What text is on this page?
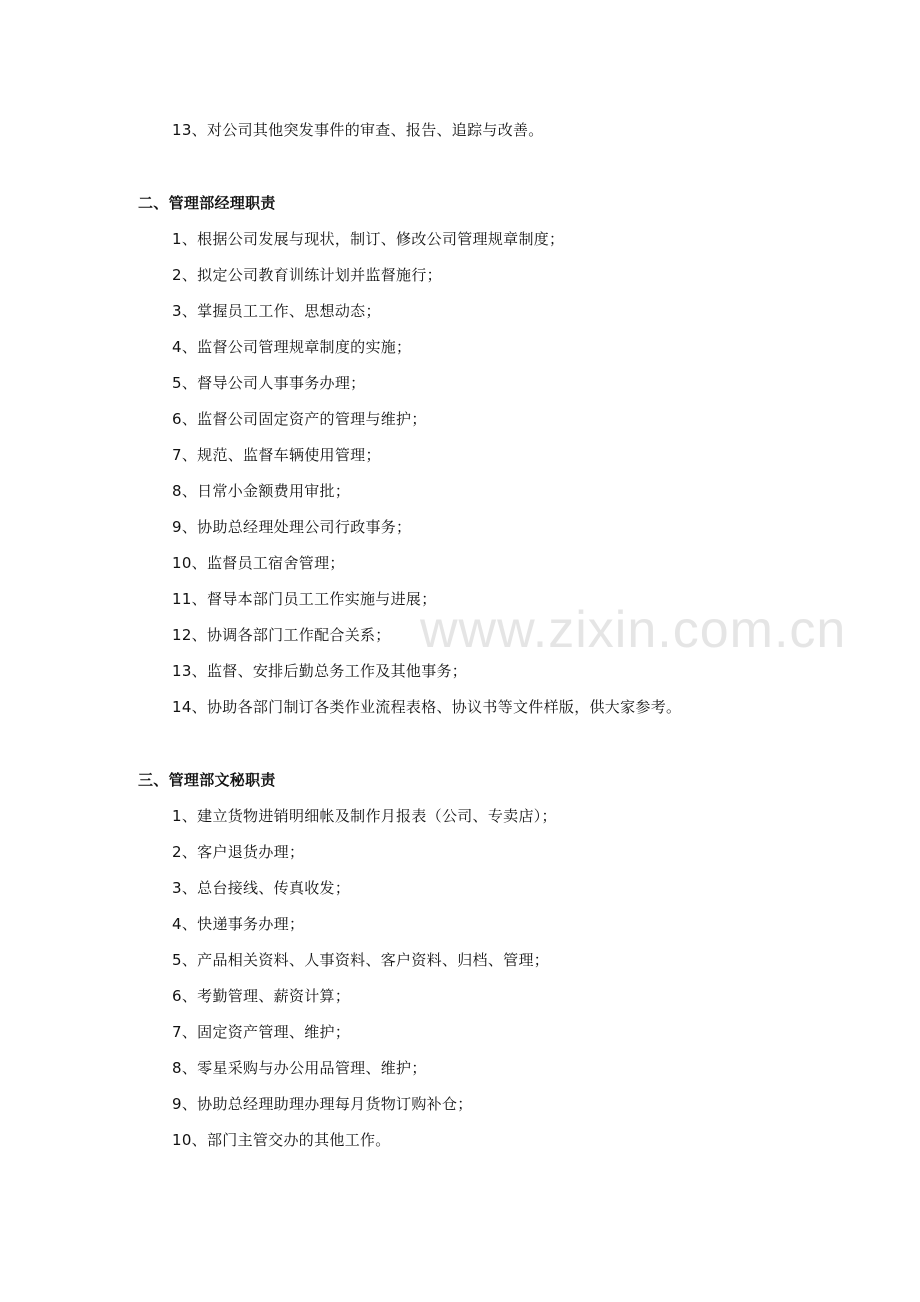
13、对公司其他突发事件的审查、报告、追踪与改善。
二、管理部经理职责
1、根据公司发展与现状，制订、修改公司管理规章制度；
2、拟定公司教育训练计划并监督施行；
3、掌握员工工作、思想动态；
4、监督公司管理规章制度的实施；
5、督导公司人事事务办理；
6、监督公司固定资产的管理与维护；
7、规范、监督车辆使用管理；
8、日常小金额费用审批；
9、协助总经理处理公司行政事务；
10、监督员工宿舍管理；
11、督导本部门员工工作实施与进展；
12、协调各部门工作配合关系；
13、监督、安排后勤总务工作及其他事务；
14、协助各部门制订各类作业流程表格、协议书等文件样版，供大家参考。
三、管理部文秘职责
1、建立货物进销明细帐及制作月报表（公司、专卖店）；
2、客户退货办理；
3、总台接线、传真收发；
4、快递事务办理；
5、产品相关资料、人事资料、客户资料、归档、管理；
6、考勤管理、薪资计算；
7、固定资产管理、维护；
8、零星采购与办公用品管理、维护；
9、协助总经理助理办理每月货物订购补仓；
10、部门主管交办的其他工作。
www.zixin.com.cn
